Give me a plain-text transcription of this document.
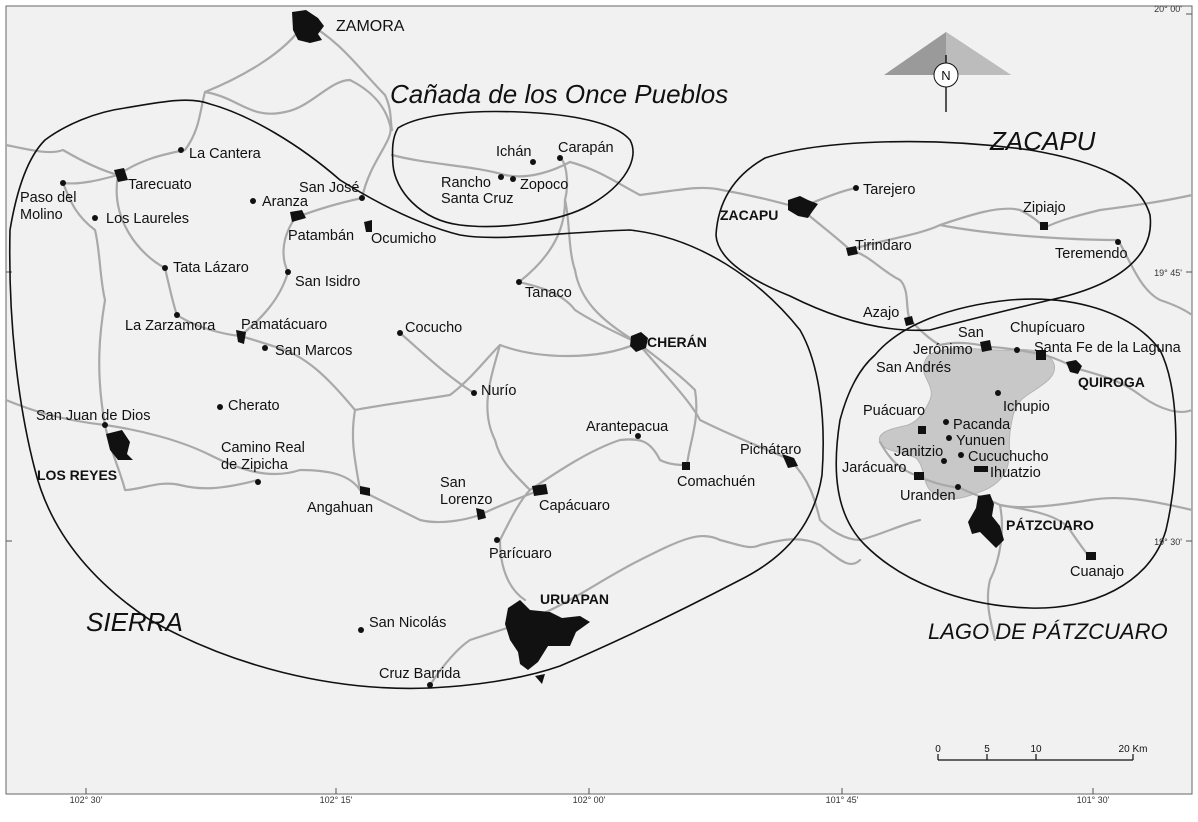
La Cantera
Tarecuato
Paso del
Molino	Los Laureles
Aranza
San José
Patambán Ocumicho
Tata Lázaro
San Isidro
La Zarzamora Pamatácuaro
San Marcos
Cocucho
Tanaco
Nurío
San Juan de Dios
Cherato
Camino Real
de Zipicha
Angahuan
San
Lorenzo	Capácuaro
Parícuaro
Arantepacua
Comachuén
Pichátaro
San Nicolás
Cruz Barrida
Ichán Carapán
Rancho
Santa Cruz
Zopoco	Tarejero
Tirindaro
Zipiajo
Teremendo
Azajo
San
Jerónimo
Chupícuaro
Santa Fe de la Laguna
San Andrés
Ichupio
Puácuaro
Pacanda
Yunuen
Janitzio Cucuchucho
Jarácuaro	Ihuatzio
Uranden
Cuanajo
ZAMORA
LOS REYES
CHERÁN
URUAPAN
ZACAPU
QUIROGA
PÁTZCUARO
Cañada de los Once Pueblos
ZACAPU
SIERRA	LAGO DE PÁTZCUARO
N
0	5	10	20 Km
102° 30'	102° 15'	102° 00'	101° 45'	101° 30'
20° 00'
19° 45'
19° 30'
